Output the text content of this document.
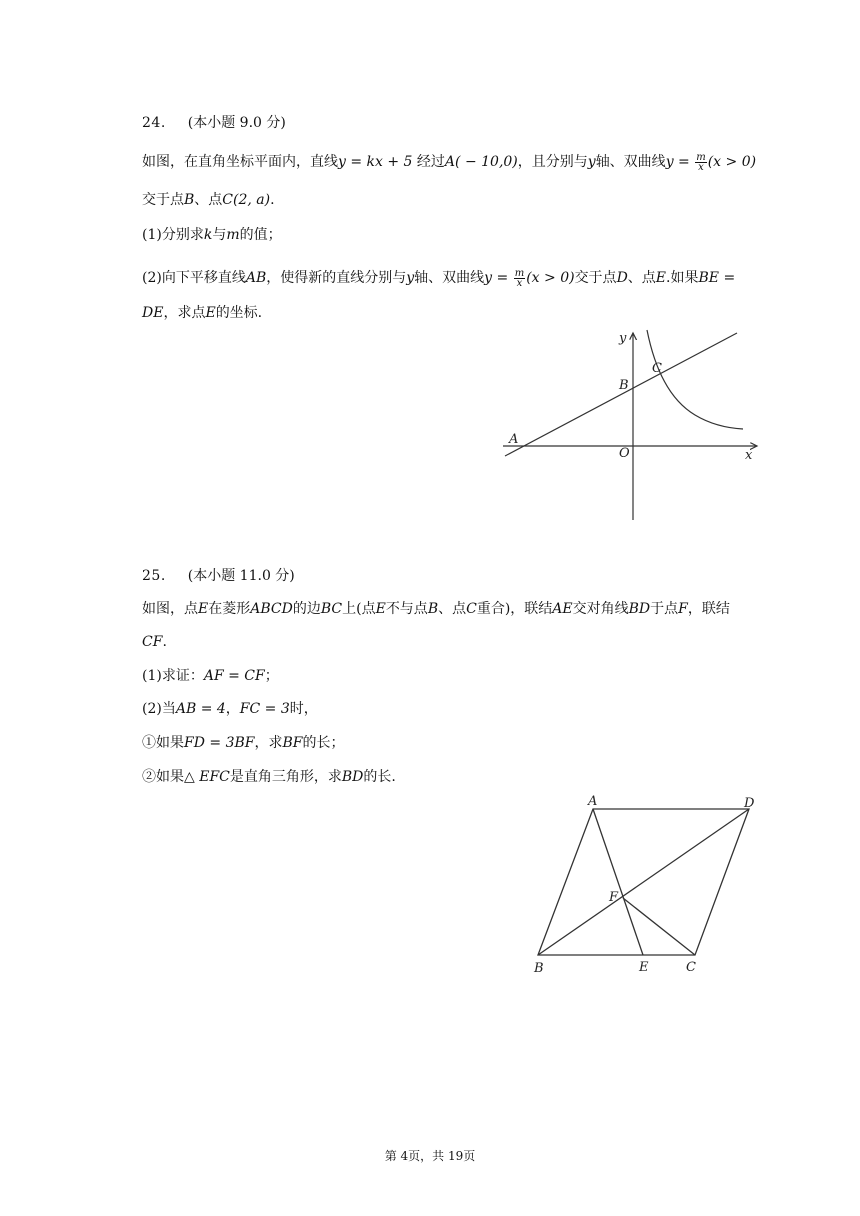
24. (本小题 9.0 分)
如图，在直角坐标平面内，直线y = kx + 5 经过A( − 10,0)，且分别与y轴、双曲线$y = \frac{m}{x} (x > 0)$
交于点B、点C(2, a).
(1)分别求k与m的值；
(2)向下平移直线AB，使得新的直线分别与y轴、双曲线$y = \frac{m}{x} (x > 0)$交于点D、点E.如果BE =
DE，求点E的坐标.
y
x
O
A
B
C
25. (本小题 11.0 分)
如图，点E在菱形ABCD的边BC上(点E不与点B、点C重合)，联结AE交对角线BD于点F，联结
CF.
(1)求证：AF = CF；
(2)当AB = 4，FC = 3时，
①如果FD = 3BF，求BF的长；
②如果△ EFC是直角三角形，求BD的长.
A	D
B	E	C
F
第 4页，共 19页
